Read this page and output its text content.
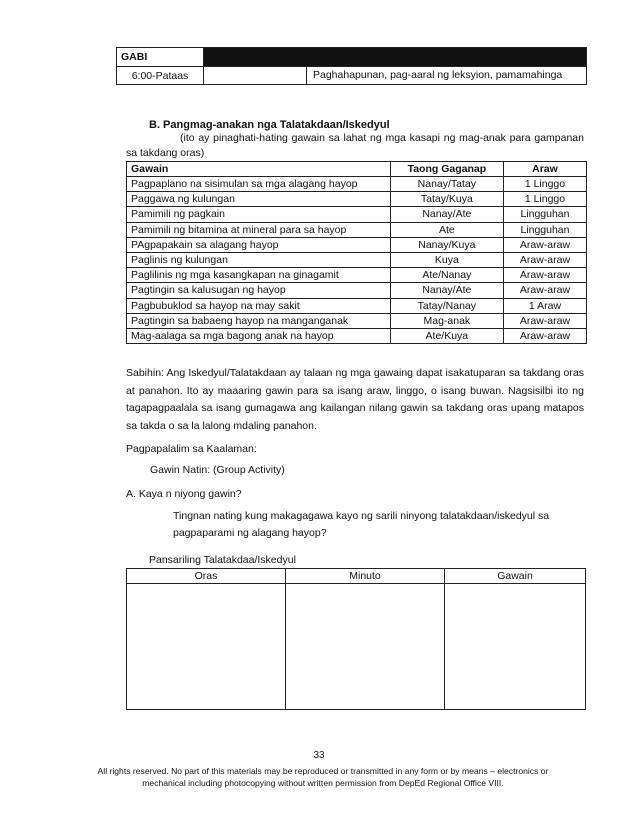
GABI		
6:00-Pataas		Paghahapunan, pag-aaral ng leksyion, pamamahinga
B. Pangmag-anakan nga Talatakdaan/Iskedyul
(ito ay pinaghati-hating gawain sa lahat ng mga kasapi ng mag-anak para gampanan sa takdang oras)
Gawain	Taong Gaganap	Araw
Pagpaplano na sisimulan sa mga alagang hayop	Nanay/Tatay	1 Linggo
Paggawa ng kulungan	Tatay/Kuya	1 Linggo
Pamimili ng pagkain	Nanay/Ate	Lingguhan
Pamimili ng bitamina at mineral para sa hayop	Ate	Lingguhan
PAgpapakain sa alagang hayop	Nanay/Kuya	Araw-araw
Paglinis ng kulungan	Kuya	Araw-araw
Paglilinis ng mga kasangkapan na ginagamit	Ate/Nanay	Araw-araw
Pagtingin sa kalusugan ng hayop	Nanay/Ate	Araw-araw
Pagbubuklod sa hayop na may sakit	Tatay/Nanay	1 Araw
Pagtingin sa babaeng hayop na manganganak	Mag-anak	Araw-araw
Mag-aalaga sa mga bagong anak na hayop	Ate/Kuya	Araw-araw
Sabihin: Ang Iskedyul/Talatakdaan ay talaan ng mga gawaing dapat isakatuparan sa takdang oras at panahon. Ito ay maaaring gawin para sa isang araw, linggo, o isang buwan. Nagsisilbi ito ng tagapagpaalala sa isang gumagawa ang kailangan nilang gawin sa takdang oras upang matapos sa takda o sa la lalong mdaling panahon.
Pagpapalalim sa Kaalaman:
Gawin Natin: (Group Activity)
A. Kaya n niyong gawin?
Tingnan nating kung makagagawa kayo ng sarili ninyong talatakdaan/iskedyul sa pagpaparami ng alagang hayop?
Pansariling Talatakdaa/Iskedyul
Oras	Minuto	Gawain

33
All rights reserved. No part of this materials may be reproduced or transmitted in any form or by means – electronics or mechanical including photocopying without written permission from DepEd Regional Office VIII.
